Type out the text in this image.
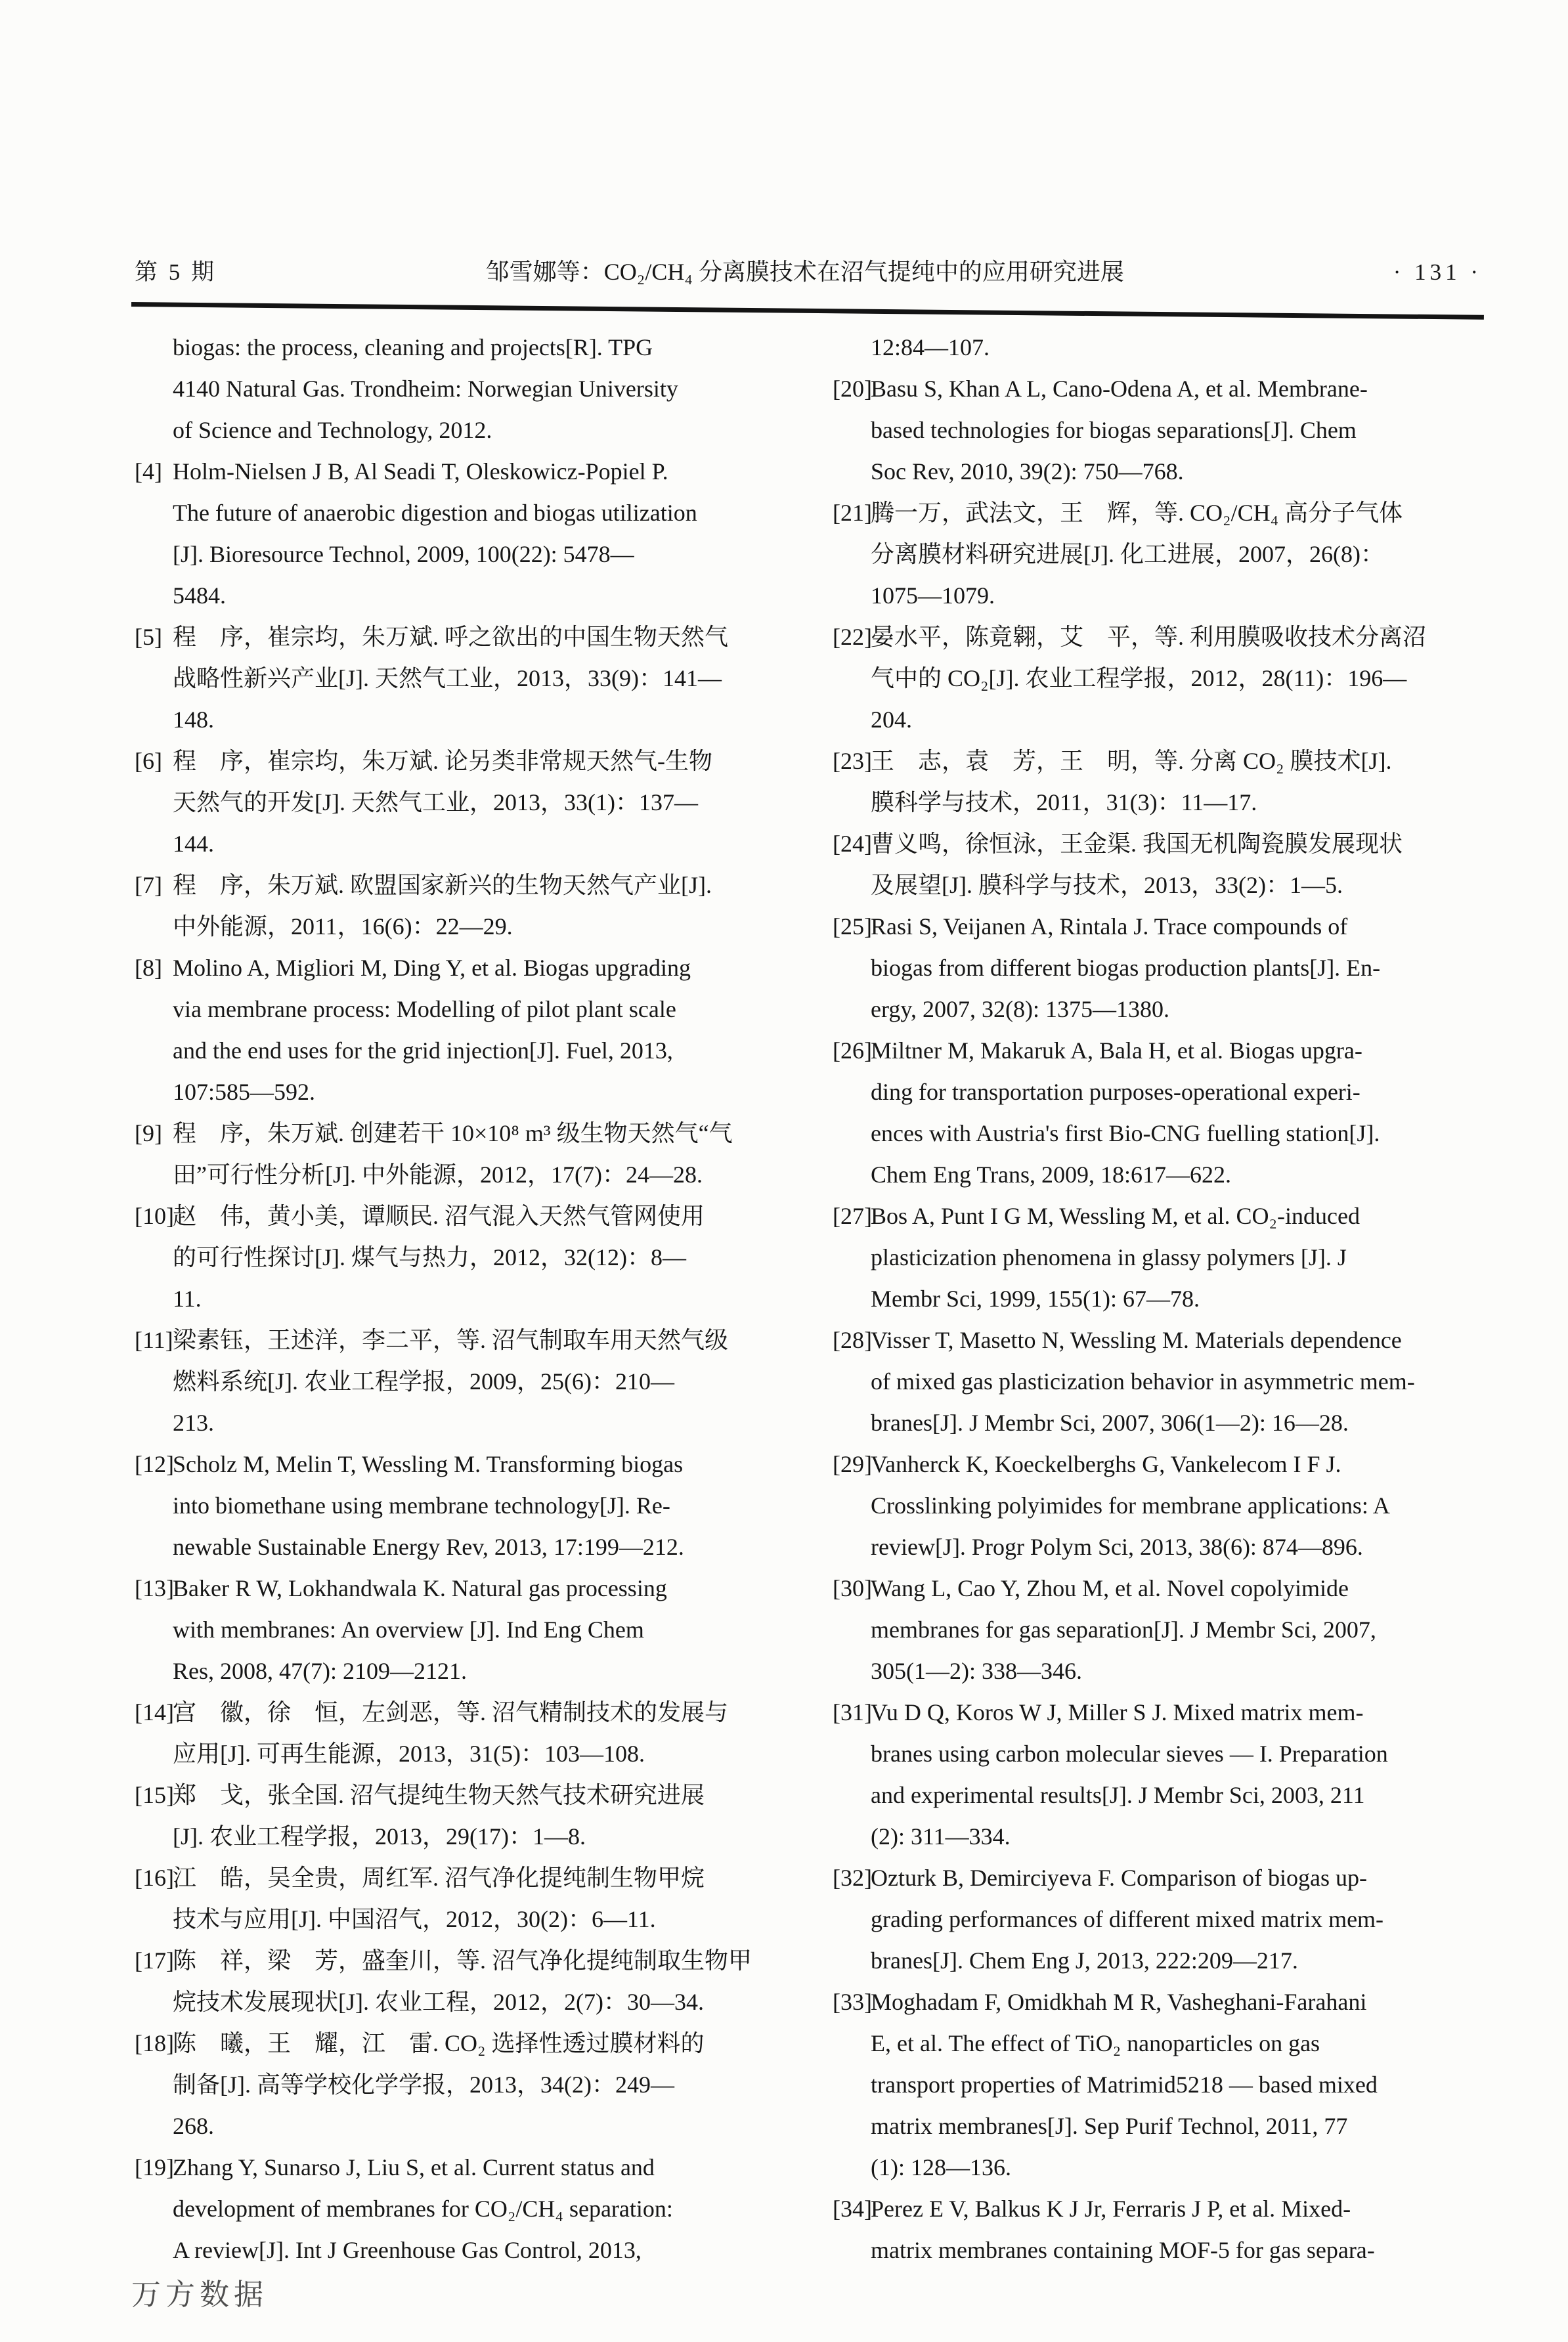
第 5 期	邹雪娜等：CO₂/CH₄ 分离膜技术在沼气提纯中的应用研究进展	· 131 ·
biogas: the process, cleaning and projects[R]. TPG
4140 Natural Gas. Trondheim: Norwegian University
of Science and Technology, 2012.
[4] Holm-Nielsen J B, Al Seadi T, Oleskowicz-Popiel P.
The future of anaerobic digestion and biogas utilization
[J]. Bioresource Technol, 2009, 100(22): 5478—
5484.
[5] 程　序，崔宗均，朱万斌. 呼之欲出的中国生物天然气
战略性新兴产业[J]. 天然气工业，2013，33(9)：141—
148.
[6] 程　序，崔宗均，朱万斌. 论另类非常规天然气-生物
天然气的开发[J]. 天然气工业，2013，33(1)：137—
144.
[7] 程　序，朱万斌. 欧盟国家新兴的生物天然气产业[J].
中外能源，2011，16(6)：22—29.
[8] Molino A, Migliori M, Ding Y, et al. Biogas upgrading
via membrane process: Modelling of pilot plant scale
and the end uses for the grid injection[J]. Fuel, 2013,
107:585—592.
[9] 程　序，朱万斌. 创建若干 10×10⁸ m³ 级生物天然气“气
田”可行性分析[J]. 中外能源，2012，17(7)：24—28.
[10]
赵　伟，黄小美，谭顺民. 沼气混入天然气管网使用
的可行性探讨[J]. 煤气与热力，2012，32(12)：8—
11.
[11] 梁素钰，王述洋，李二平，等. 沼气制取车用天然气级
燃料系统[J]. 农业工程学报，2009，25(6)：210—
213.
[12]
Scholz M, Melin T, Wessling M. Transforming biogas
into biomethane using membrane technology[J]. Re-
newable Sustainable Energy Rev, 2013, 17:199—212.
[13]
Baker R W, Lokhandwala K. Natural gas processing
with membranes: An overview [J]. Ind Eng Chem
Res, 2008, 47(7): 2109—2121.
[14]
宫　徽，徐　恒，左剑恶，等. 沼气精制技术的发展与
应用[J]. 可再生能源，2013，31(5)：103—108.
[15]
郑　戈，张全国. 沼气提纯生物天然气技术研究进展
[J]. 农业工程学报，2013，29(17)：1—8.
[16]
江　皓，吴全贵，周红军. 沼气净化提纯制生物甲烷
技术与应用[J]. 中国沼气，2012，30(2)：6—11.
[17]
陈　祥，梁　芳，盛奎川，等. 沼气净化提纯制取生物甲
烷技术发展现状[J]. 农业工程，2012，2(7)：30—34.
[18]
陈　曦，王　耀，江　雷. CO₂ 选择性透过膜材料的
制备[J]. 高等学校化学学报，2013，34(2)：249—
268.
[19]
Zhang Y, Sunarso J, Liu S, et al. Current status and
development of membranes for CO₂/CH₄ separation:
A review[J]. Int J Greenhouse Gas Control, 2013,
12:84—107.
[20]
Basu S, Khan A L, Cano-Odena A, et al. Membrane-
based technologies for biogas separations[J]. Chem
Soc Rev, 2010, 39(2): 750—768.
[21]
腾一万，武法文，王　辉，等. CO₂/CH₄ 高分子气体
分离膜材料研究进展[J]. 化工进展，2007，26(8)：
1075—1079.
[22]
晏水平，陈竟翱，艾　平，等. 利用膜吸收技术分离沼
气中的 CO₂[J]. 农业工程学报，2012，28(11)：196—
204.
[23]
王　志，袁　芳，王　明，等. 分离 CO₂ 膜技术[J].
膜科学与技术，2011，31(3)：11—17.
[24]
曹义鸣，徐恒泳，王金渠. 我国无机陶瓷膜发展现状
及展望[J]. 膜科学与技术，2013，33(2)：1—5.
[25]
Rasi S, Veijanen A, Rintala J. Trace compounds of
biogas from different biogas production plants[J]. En-
ergy, 2007, 32(8): 1375—1380.
[26]
Miltner M, Makaruk A, Bala H, et al. Biogas upgra-
ding for transportation purposes-operational experi-
ences with Austria's first Bio-CNG fuelling station[J].
Chem Eng Trans, 2009, 18:617—622.
[27]
Bos A, Punt I G M, Wessling M, et al. CO₂-induced
plasticization phenomena in glassy polymers [J]. J
Membr Sci, 1999, 155(1): 67—78.
[28]
Visser T, Masetto N, Wessling M. Materials dependence
of mixed gas plasticization behavior in asymmetric mem-
branes[J]. J Membr Sci, 2007, 306(1—2): 16—28.
[29]
Vanherck K, Koeckelberghs G, Vankelecom I F J.
Crosslinking polyimides for membrane applications: A
review[J]. Progr Polym Sci, 2013, 38(6): 874—896.
[30]
Wang L, Cao Y, Zhou M, et al. Novel copolyimide
membranes for gas separation[J]. J Membr Sci, 2007,
305(1—2): 338—346.
[31]
Vu D Q, Koros W J, Miller S J. Mixed matrix mem-
branes using carbon molecular sieves — I. Preparation
and experimental results[J]. J Membr Sci, 2003, 211
(2): 311—334.
[32]
Ozturk B, Demirciyeva F. Comparison of biogas up-
grading performances of different mixed matrix mem-
branes[J]. Chem Eng J, 2013, 222:209—217.
[33]
Moghadam F, Omidkhah M R, Vasheghani-Farahani
E, et al. The effect of TiO₂ nanoparticles on gas
transport properties of Matrimid5218 — based mixed
matrix membranes[J]. Sep Purif Technol, 2011, 77
(1): 128—136.
[34]
Perez E V, Balkus K J Jr, Ferraris J P, et al. Mixed-
matrix membranes containing MOF-5 for gas separa-
万方数据
